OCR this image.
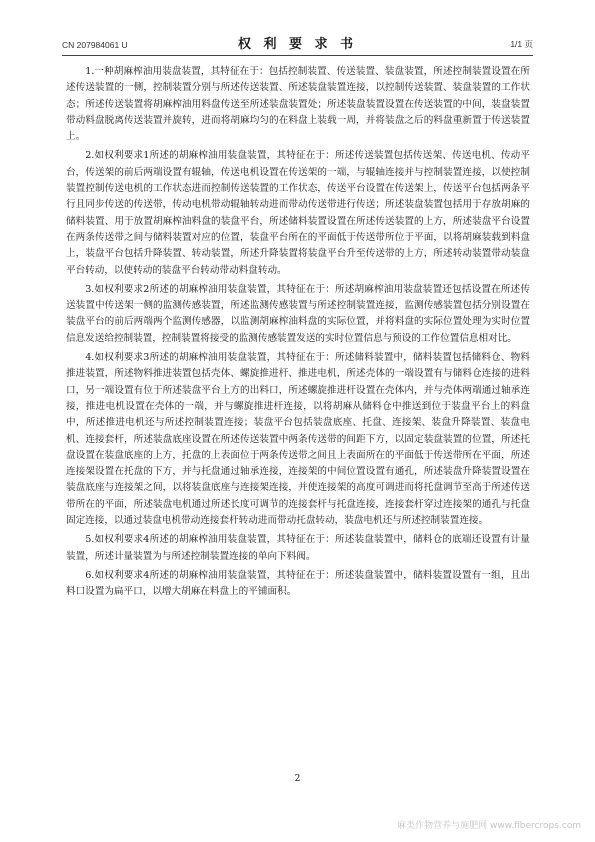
CN 207984061 U	权 利 要 求 书	1/1 页

1.一种胡麻榨油用装盘装置，其特征在于：包括控制装置、传送装置、装盘装置，所述控制装置设置在所述传送装置的一侧，控制装置分别与所述传送装置、所述装盘装置连接，以控制传送装置、装盘装置的工作状态；所述传送装置将胡麻榨油用料盘传送至所述装盘装置处；所述装盘装置设置在传送装置的中间，装盘装置带动料盘脱离传送装置并旋转，进而将胡麻均匀的在料盘上装载一周，并将装盘之后的料盘重新置于传送装置上。

2.如权利要求1所述的胡麻榨油用装盘装置，其特征在于：所述传送装置包括传送架、传送电机、传动平台，传送架的前后两端设置有辊轴，传送电机设置在传送架的一端，与辊轴连接并与控制装置连接，以使控制装置控制传送电机的工作状态进而控制传送装置的工作状态，传送平台设置在传送架上，传送平台包括两条平行且同步传送的传送带，传动电机带动辊轴转动进而带动传送带进行传送；所述装盘装置包括用于存放胡麻的储料装置、用于放置胡麻榨油料盘的装盘平台，所述储料装置设置在所述传送装置的上方，所述装盘平台设置在两条传送带之间与储料装置对应的位置，装盘平台所在的平面低于传送带所位于平面，以将胡麻装载到料盘上，装盘平台包括升降装置、转动装置，所述升降装置将装盘平台升至传送带的上方，所述转动装置带动装盘平台转动，以使转动的装盘平台转动带动料盘转动。

3.如权利要求2所述的胡麻榨油用装盘装置，其特征在于：所述胡麻榨油用装盘装置还包括设置在所述传送装置中传送架一侧的监测传感装置，所述监测传感装置与所述控制装置连接，监测传感装置包括分别设置在装盘平台的前后两端两个监测传感器，以监测胡麻榨油料盘的实际位置，并将料盘的实际位置处理为实时位置信息发送给控制装置，控制装置将接受的监测传感装置发送的实时位置信息与预设的工作位置信息相对比。

4.如权利要求3所述的胡麻榨油用装盘装置，其特征在于：所述储料装置中，储料装置包括储料仓、物料推进装置，所述物料推进装置包括壳体、螺旋推进杆、推进电机，所述壳体的一端设置有与储料仓连接的进料口，另一端设置有位于所述装盘平台上方的出料口，所述螺旋推进杆设置在壳体内，并与壳体两端通过轴承连接，推进电机设置在壳体的一端，并与螺旋推进杆连接，以将胡麻从储料仓中推送到位于装盘平台上的料盘中，所述推进电机还与所述控制装置连接；装盘平台包括装盘底座、托盘、连接架、装盘升降装置、装盘电机、连接套杆，所述装盘底座设置在所述传送装置中两条传送带的间距下方，以固定装盘装置的位置，所述托盘设置在装盘底座的上方，托盘的上表面位于两条传送带之间且上表面所在的平面低于传送带所在平面，所述连接架设置在托盘的下方，并与托盘通过轴承连接，连接架的中间位置设置有通孔，所述装盘升降装置设置在装盘底座与连接架之间，以将装盘底座与连接架连接，并使连接架的高度可调进而将托盘调节至高于所述传送带所在的平面，所述装盘电机通过所述长度可调节的连接套杆与托盘连接，连接套杆穿过连接架的通孔与托盘固定连接，以通过装盘电机带动连接套杆转动进而带动托盘转动，装盘电机还与所述控制装置连接。

5.如权利要求4所述的胡麻榨油用装盘装置，其特征在于：所述装盘装置中，储料仓的底端还设置有计量装置，所述计量装置为与所述控制装置连接的单向下料阀。

6.如权利要求4所述的胡麻榨油用装盘装置，其特征在于：所述装盘装置中，储料装置设置有一组，且出料口设置为扁平口，以增大胡麻在料盘上的平铺面积。

2
麻类作物营养与施肥网 www.fibercrops.com
